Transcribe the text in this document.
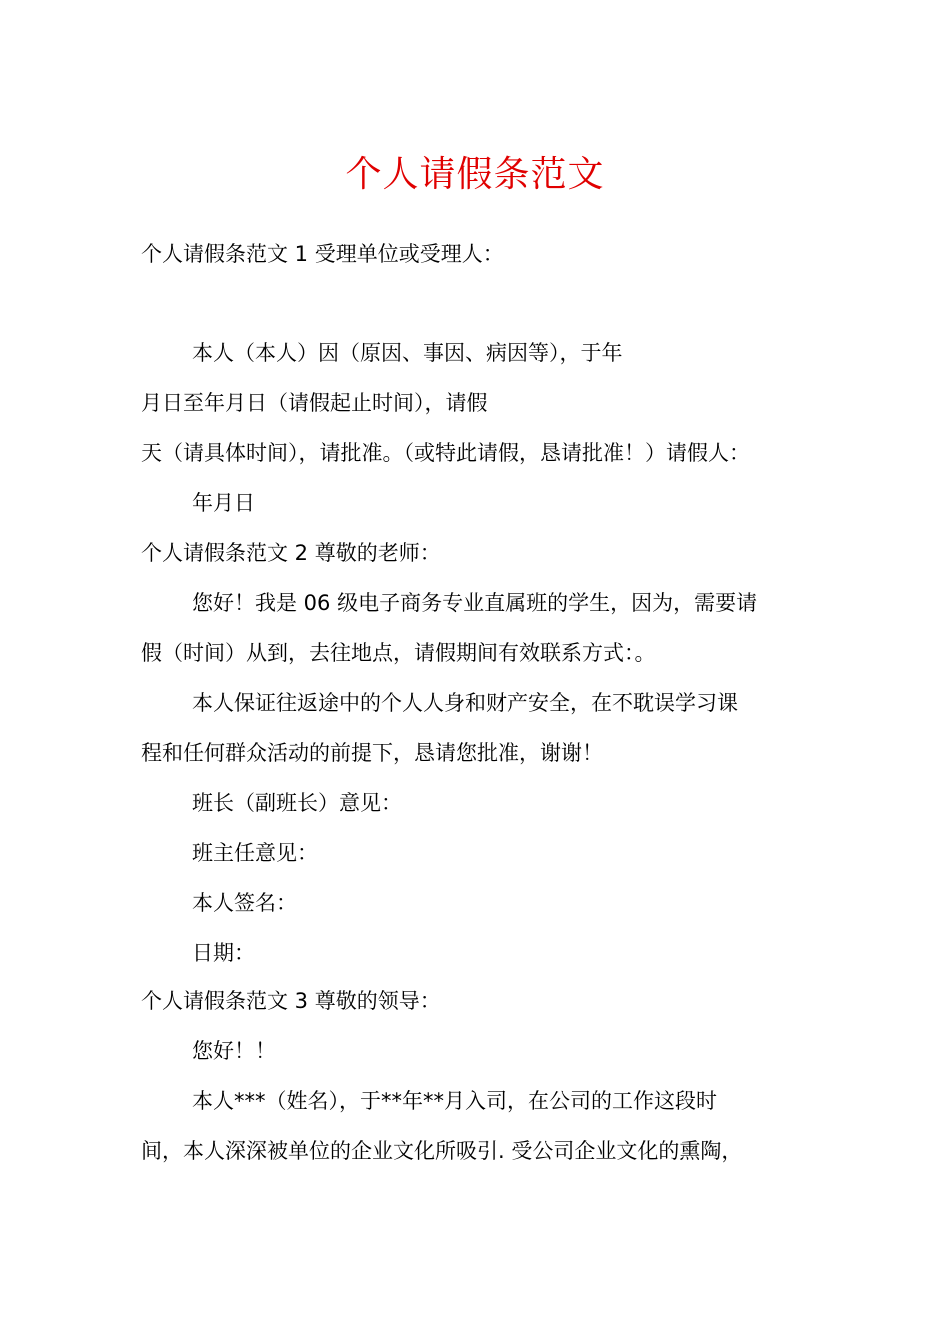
个人请假条范文
个人请假条范文 1 受理单位或受理人：
本人（本人）因（原因、事因、病因等），于年
月日至年月日（请假起止时间），请假
天（请具体时间），请批准。（或特此请假，恳请批准！）请假人：
年月日
个人请假条范文 2 尊敬的老师：
您好！我是 06 级电子商务专业直属班的学生，因为，需要请
假（时间）从到，去往地点，请假期间有效联系方式：。
本人保证往返途中的个人人身和财产安全，在不耽误学习课
程和任何群众活动的前提下，恳请您批准，谢谢！
班长（副班长）意见：
班主任意见：
本人签名：
日期：
个人请假条范文 3 尊敬的领导：
您好！！
本人***（姓名），于**年**月入司，在公司的工作这段时
间，本人深深被单位的企业文化所吸引. 受公司企业文化的熏陶，
